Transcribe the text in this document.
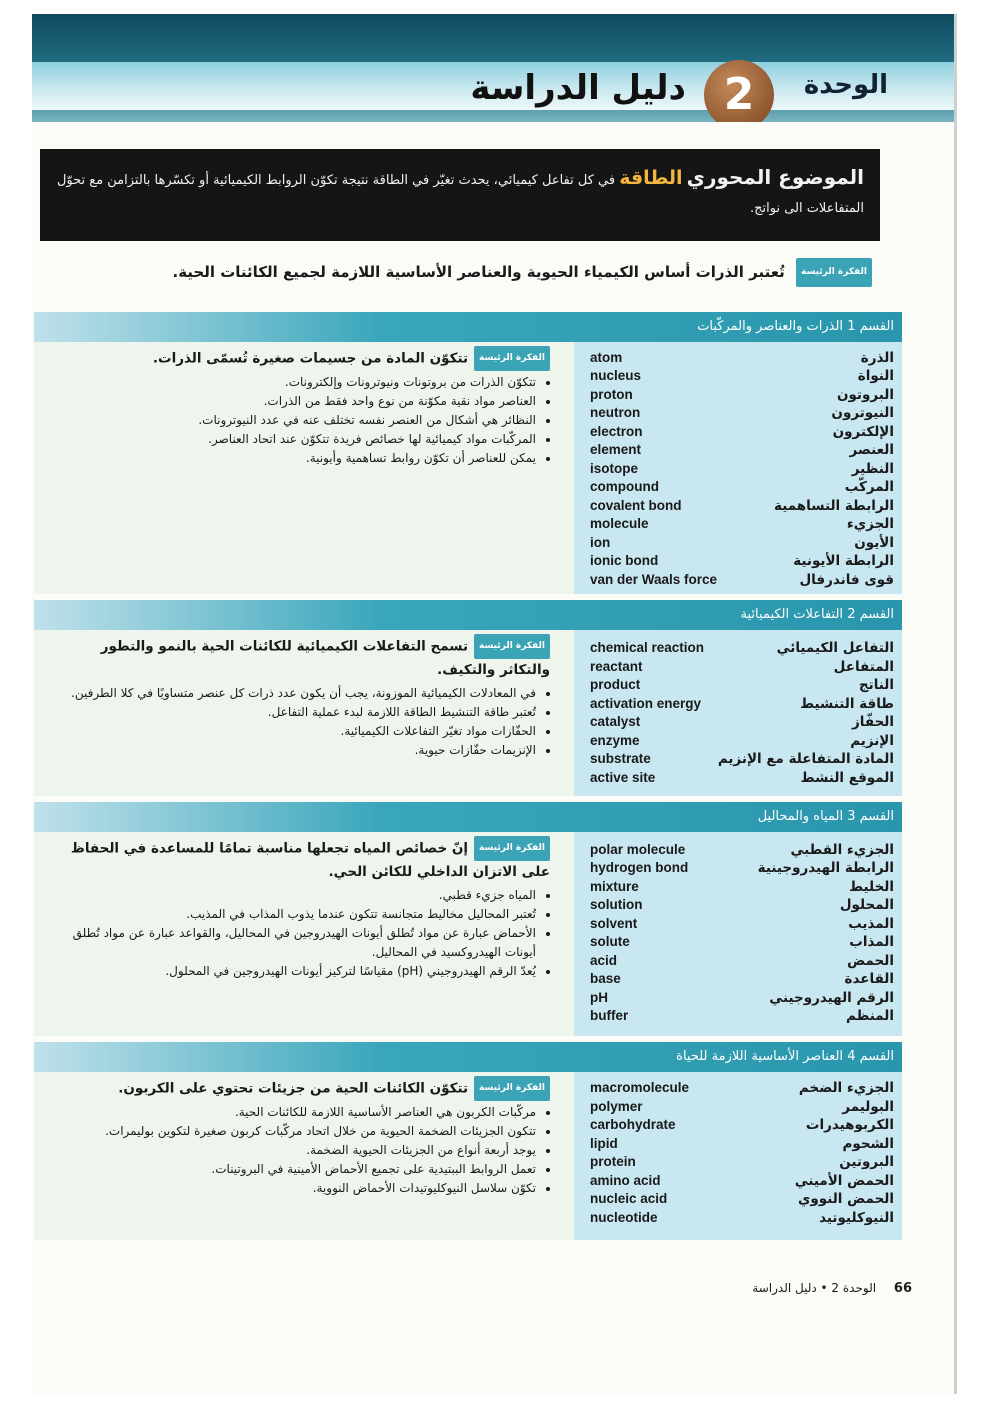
الوحدة
2
دليل الدراسة
الموضوع المحوري الطاقة في كل تفاعل كيميائي، يحدث تغيّر في الطاقة نتيجة تكوّن الروابط الكيميائية أو تكسّرها بالتزامن مع تحوّل المتفاعلات الى نواتج.
الفكرة الرئيسة تُعتبر الذرات أساس الكيمياء الحيوية والعناصر الأساسية اللازمة لجميع الكائنات الحية.
القسم 1 الذرات والعناصر والمركّبات
الفكرة الرئيسةتتكوّن المادة من جسيمات صغيرة تُسمّى الذرات.
• تتكوّن الذرات من بروتونات ونيوترونات وإلكترونات.
• العناصر مواد نقية مكوّنة من نوع واحد فقط من الذرات.
• النظائر هي أشكال من العنصر نفسه تختلف عنه في عدد النيوترونات.
• المركّبات مواد كيميائية لها خصائص فريدة تتكوّن عند اتحاد العناصر.
• يمكن للعناصر أن تكوّن روابط تساهمية وأيونية.
atom	الذرة
nucleus	النواة
proton	البروتون
neutron	النيوترون
electron	الإلكترون
element	العنصر
isotope	النظير
compound	المركّب
covalent bond	الرابطة التساهمية
molecule	الجزيء
ion	الأيون
ionic bond	الرابطة الأيونية
van der Waals force	قوى فاندرفال
القسم 2 التفاعلات الكيميائية
الفكرة الرئيسةتسمح التفاعلات الكيميائية للكائنات الحية بالنمو والتطور والتكاثر والتكيف.
• في المعادلات الكيميائية الموزونة، يجب أن يكون عدد ذرات كل عنصر متساويًا في كلا الطرفين.
• تُعتبر طاقة التنشيط الطاقة اللازمة لبدء عملية التفاعل.
• الحفّازات مواد تغيّر التفاعلات الكيميائية.
• الإنزيمات حفّازات حيوية.
chemical reaction	التفاعل الكيميائي
reactant	المتفاعل
product	الناتج
activation energy	طاقة التنشيط
catalyst	الحفّاز
enzyme	الإنزيم
substrate	المادة المتفاعلة مع الإنزيم
active site	الموقع النشط
القسم 3 المياه والمحاليل
الفكرة الرئيسةإنّ خصائص المياه تجعلها مناسبة تمامًا للمساعدة في الحفاظ على الاتزان الداخلي للكائن الحي.
• المياه جزيء قطبي.
• تُعتبر المحاليل مخاليط متجانسة تتكون عندما يذوب المذاب في المذيب.
• الأحماض عبارة عن مواد تُطلق أيونات الهيدروجين في المحاليل، والقواعد عبارة عن مواد تُطلق أيونات الهيدروكسيد في المحاليل.
• يُعدّ الرقم الهيدروجيني (pH) مقياسًا لتركيز أيونات الهيدروجين في المحلول.
polar molecule	الجزيء القطبي
hydrogen bond	الرابطة الهيدروجينية
mixture	الخليط
solution	المحلول
solvent	المذيب
solute	المذاب
acid	الحمض
base	القاعدة
pH	الرقم الهيدروجيني
buffer	المنظم
القسم 4 العناصر الأساسية اللازمة للحياة
الفكرة الرئيسةتتكوّن الكائنات الحية من جزيئات تحتوي على الكربون.
• مركّبات الكربون هي العناصر الأساسية اللازمة للكائنات الحية.
• تتكون الجزيئات الضخمة الحيوية من خلال اتحاد مركّبات كربون صغيرة لتكوين بوليمرات.
• يوجد أربعة أنواع من الجزيئات الحيوية الضخمة.
• تعمل الروابط الببتيدية على تجميع الأحماض الأمينية في البروتينات.
• تكوّن سلاسل النيوكليوتيدات الأحماض النووية.
macromolecule	الجزيء الضخم
polymer	البوليمر
carbohydrate	الكربوهيدرات
lipid	الشحوم
protein	البروتين
amino acid	الحمض الأميني
nucleic acid	الحمض النووي
nucleotide	النيوكليوتيد
66 الوحدة 2 • دليل الدراسة
